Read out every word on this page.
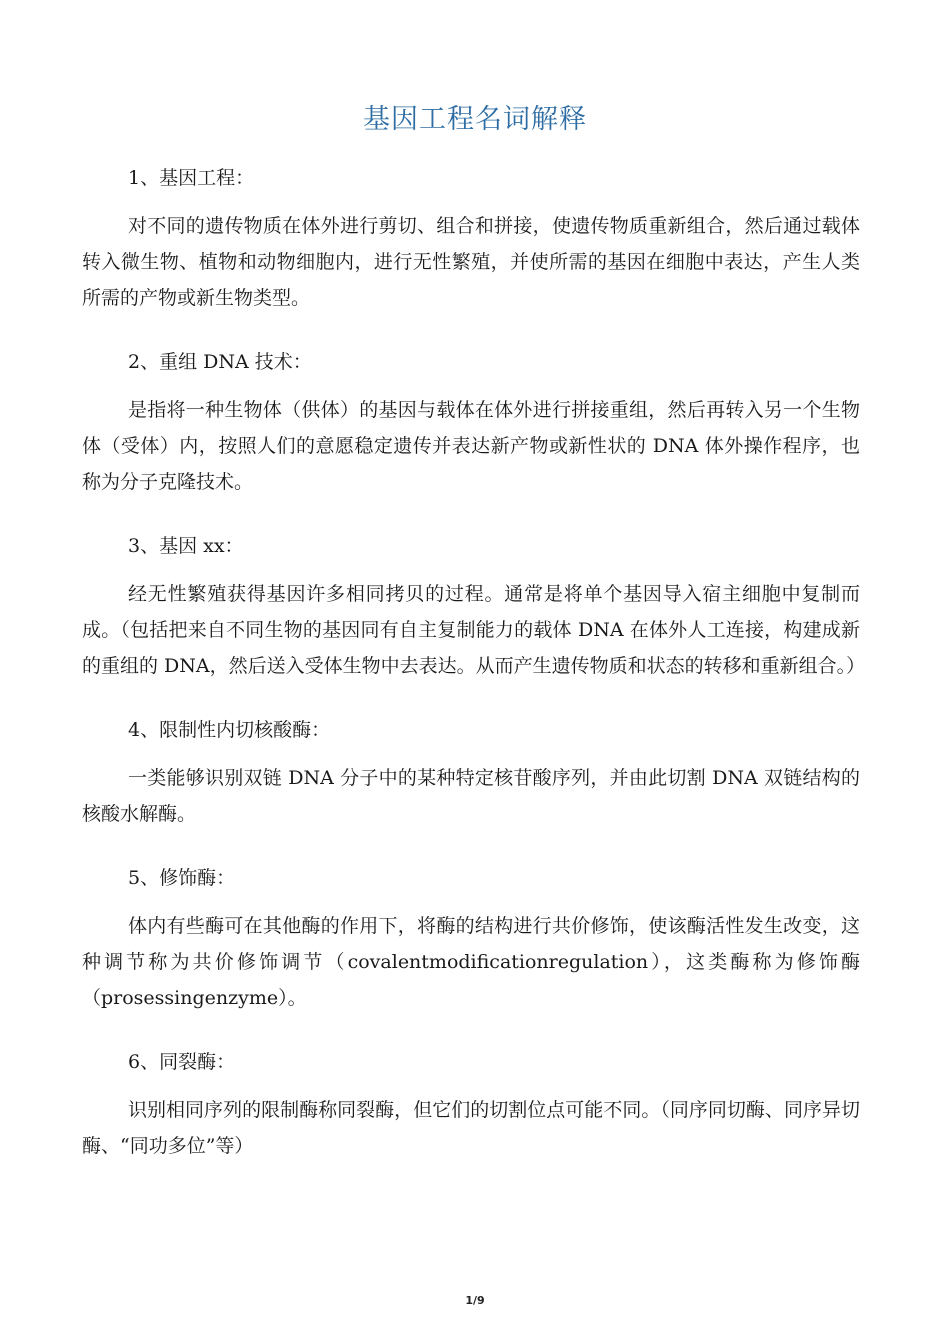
基因工程名词解释
1、基因工程：
对不同的遗传物质在体外进行剪切、组合和拼接，使遗传物质重新组合，然后通过载体转入微生物、植物和动物细胞内，进行无性繁殖，并使所需的基因在细胞中表达，产生人类所需的产物或新生物类型。
2、重组 DNA 技术：
是指将一种生物体（供体）的基因与载体在体外进行拼接重组，然后再转入另一个生物体（受体）内，按照人们的意愿稳定遗传并表达新产物或新性状的 DNA 体外操作程序，也称为分子克隆技术。
3、基因 xx：
经无性繁殖获得基因许多相同拷贝的过程。通常是将单个基因导入宿主细胞中复制而成。（包括把来自不同生物的基因同有自主复制能力的载体 DNA 在体外人工连接，构建成新的重组的 DNA，然后送入受体生物中去表达。从而产生遗传物质和状态的转移和重新组合。）
4、限制性内切核酸酶：
一类能够识别双链 DNA 分子中的某种特定核苷酸序列，并由此切割 DNA 双链结构的核酸水解酶。
5、修饰酶：
体内有些酶可在其他酶的作用下，将酶的结构进行共价修饰，使该酶活性发生改变，这种调节称为共价修饰调节（covalentmodificationregulation），这类酶称为修饰酶（prosessingenzyme）。
6、同裂酶：
识别相同序列的限制酶称同裂酶，但它们的切割位点可能不同。（同序同切酶、同序异切酶、“同功多位”等）
1/9
